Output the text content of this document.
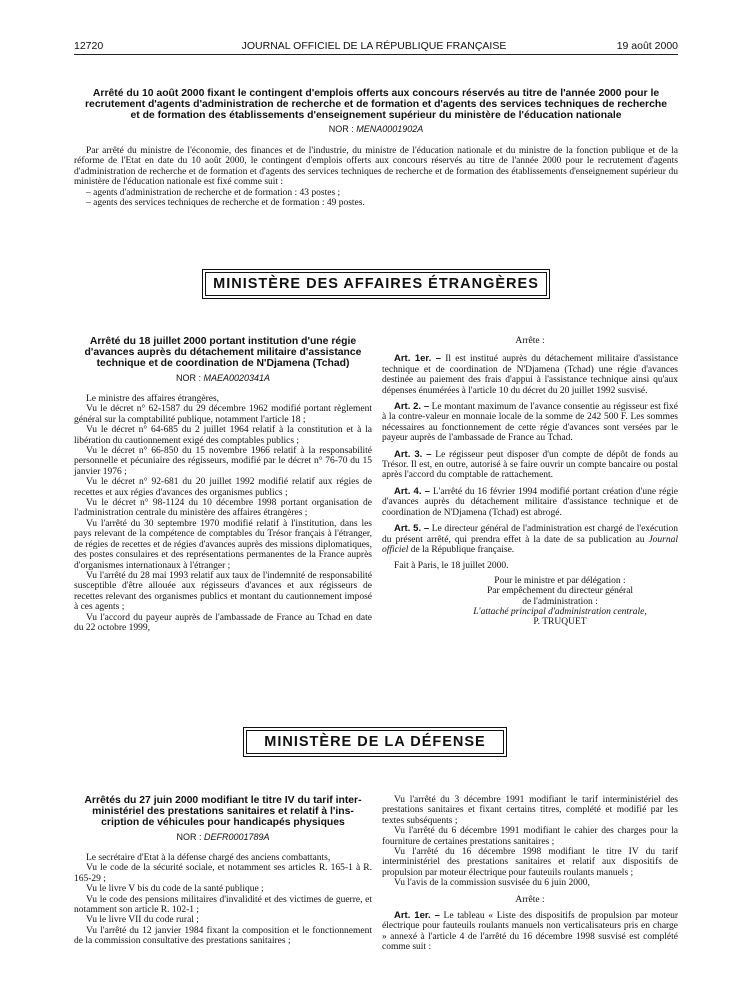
12720	JOURNAL OFFICIEL DE LA RÉPUBLIQUE FRANÇAISE	19 août 2000
Arrêté du 10 août 2000 fixant le contingent d'emplois offerts aux concours réservés au titre de l'année 2000 pour le
recrutement d'agents d'administration de recherche et de formation et d'agents des services techniques de recherche
et de formation des établissements d'enseignement supérieur du ministère de l'éducation nationale
NOR : MENA0001902A

Par arrêté du ministre de l'économie, des finances et de l'industrie, du ministre de l'éducation nationale et du ministre de la fonction publique et de la réforme de l'Etat en date du 10 août 2000, le contingent d'emplois offerts aux concours réservés au titre de l'année 2000 pour le recrutement d'agents d'administration de recherche et de formation et d'agents des services techniques de recherche et de formation des établissements d'enseignement supérieur du ministère de l'éducation nationale est fixé comme suit :

– agents d'administration de recherche et de formation : 43 postes ;

– agents des services techniques de recherche et de formation : 49 postes.

MINISTÈRE DES AFFAIRES ÉTRANGÈRES
Arrêté du 18 juillet 2000 portant institution d'une régie
d'avances auprès du détachement militaire d'assistance
technique et de coordination de N'Djamena (Tchad)
NOR : MAEA0020341A

Le ministre des affaires étrangères,

Vu le décret n° 62-1587 du 29 décembre 1962 modifié portant règlement général sur la comptabilité publique, notamment l'article 18 ;

Vu le décret n° 64-685 du 2 juillet 1964 relatif à la constitution et à la libération du cautionnement exigé des comptables publics ;

Vu le décret n° 66-850 du 15 novembre 1966 relatif à la responsabilité personnelle et pécuniaire des régisseurs, modifié par le décret n° 76-70 du 15 janvier 1976 ;

Vu le décret n° 92-681 du 20 juillet 1992 modifié relatif aux régies de recettes et aux régies d'avances des organismes publics ;

Vu le décret n° 98-1124 du 10 décembre 1998 portant organisation de l'administration centrale du ministère des affaires étrangères ;

Vu l'arrêté du 30 septembre 1970 modifié relatif à l'institution, dans les pays relevant de la compétence de comptables du Trésor français à l'étranger, de régies de recettes et de régies d'avances auprès des missions diplomatiques, des postes consulaires et des représentations permanentes de la France auprès d'organismes internationaux à l'étranger ;

Vu l'arrêté du 28 mai 1993 relatif aux taux de l'indemnité de responsabilité susceptible d'être allouée aux régisseurs d'avances et aux régisseurs de recettes relevant des organismes publics et montant du cautionnement imposé à ces agents ;

Vu l'accord du payeur auprès de l'ambassade de France au Tchad en date du 22 octobre 1999,

Arrête :

Art. 1er. – Il est institué auprès du détachement militaire d'assistance technique et de coordination de N'Djamena (Tchad) une régie d'avances destinée au paiement des frais d'appui à l'assistance technique ainsi qu'aux dépenses énumérées à l'article 10 du décret du 20 juillet 1992 susvisé.

Art. 2. – Le montant maximum de l'avance consentie au régisseur est fixé à la contre-valeur en monnaie locale de la somme de 242 500 F. Les sommes nécessaires au fonctionnement de cette régie d'avances sont versées par le payeur auprès de l'ambassade de France au Tchad.

Art. 3. – Le régisseur peut disposer d'un compte de dépôt de fonds au Trésor. Il est, en outre, autorisé à se faire ouvrir un compte bancaire ou postal après l'accord du comptable de rattachement.

Art. 4. – L'arrêté du 16 février 1994 modifié portant création d'une régie d'avances auprès du détachement militaire d'assistance technique et de coordination de N'Djamena (Tchad) est abrogé.

Art. 5. – Le directeur général de l'administration est chargé de l'exécution du présent arrêté, qui prendra effet à la date de sa publication au Journal officiel de la République française.

Fait à Paris, le 18 juillet 2000.

Pour le ministre et par délégation :
Par empêchement du directeur général
de l'administration :
L'attaché principal d'administration centrale,
P. TRUQUET
MINISTÈRE DE LA DÉFENSE
Arrêtés du 27 juin 2000 modifiant le titre IV du tarif inter-
ministériel des prestations sanitaires et relatif à l'ins-
cription de véhicules pour handicapés physiques
NOR : DEFR0001789A

Le secrétaire d'Etat à la défense chargé des anciens combattants,

Vu le code de la sécurité sociale, et notamment ses articles R. 165-1 à R. 165-29 ;

Vu le livre V bis du code de la santé publique ;

Vu le code des pensions militaires d'invalidité et des victimes de guerre, et notamment son article R. 102-1 ;

Vu le livre VII du code rural ;

Vu l'arrêté du 12 janvier 1984 fixant la composition et le fonctionnement de la commission consultative des prestations sanitaires ;

Vu l'arrêté du 3 décembre 1991 modifiant le tarif interministériel des prestations sanitaires et fixant certains titres, complété et modifié par les textes subséquents ;

Vu l'arrêté du 6 décembre 1991 modifiant le cahier des charges pour la fourniture de certaines prestations sanitaires ;

Vu l'arrêté du 16 décembre 1998 modifiant le titre IV du tarif interministériel des prestations sanitaires et relatif aux dispositifs de propulsion par moteur électrique pour fauteuils roulants manuels ;

Vu l'avis de la commission susvisée du 6 juin 2000,

Arrête :

Art. 1er. – Le tableau « Liste des dispositifs de propulsion par moteur électrique pour fauteuils roulants manuels non verticalisateurs pris en charge » annexé à l'article 4 de l'arrêté du 16 décembre 1998 susvisé est complété comme suit :
